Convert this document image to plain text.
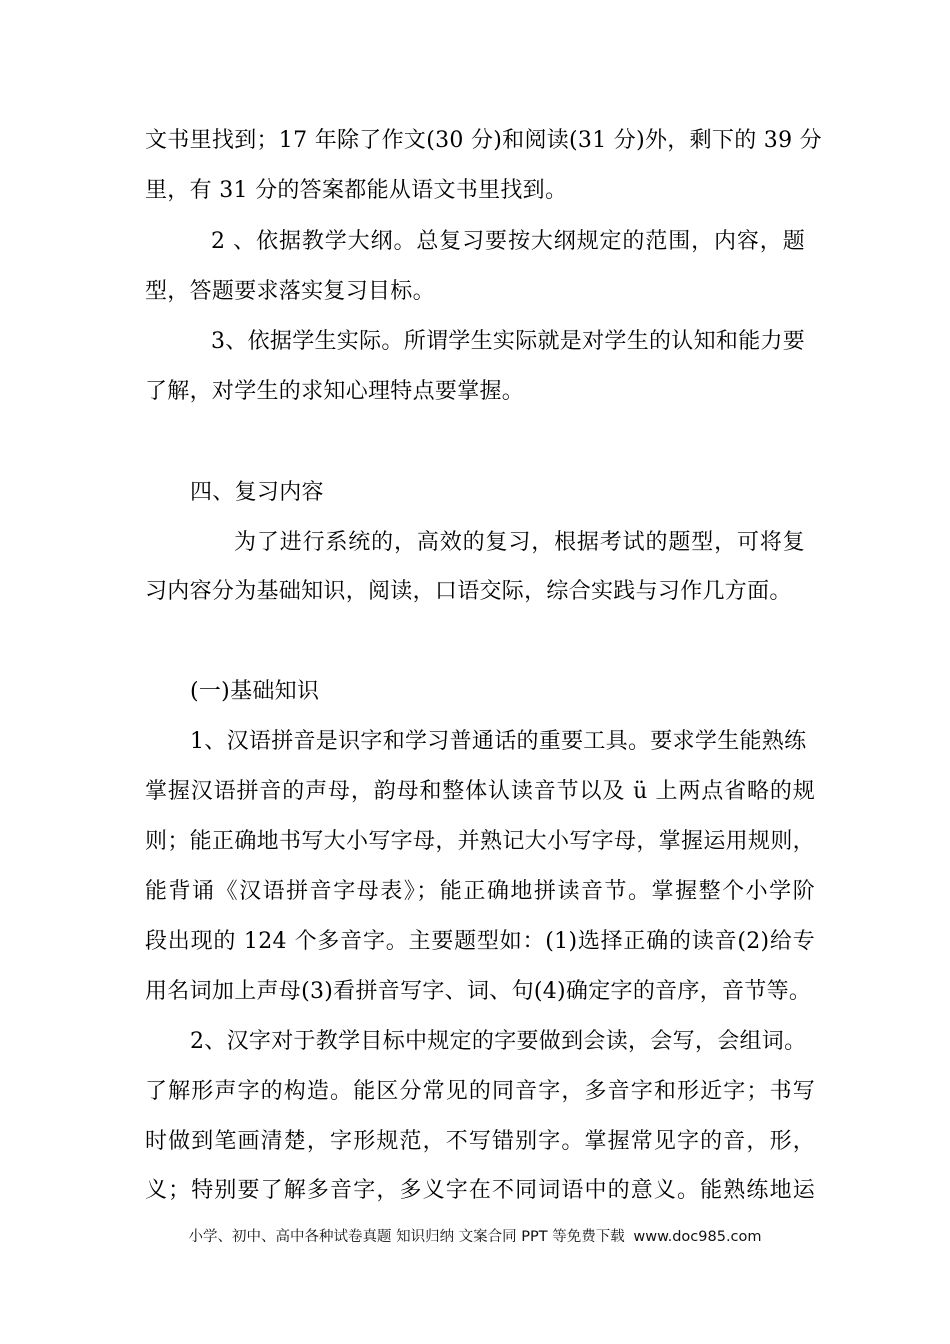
文书里找到；17 年除了作文(30 分)和阅读(31 分)外，剩下的 39 分
里，有 31 分的答案都能从语文书里找到。
2 、依据教学大纲。总复习要按大纲规定的范围，内容，题
型，答题要求落实复习目标。
3、依据学生实际。所谓学生实际就是对学生的认知和能力要
了解，对学生的求知心理特点要掌握。
四、复习内容
为了进行系统的，高效的复习，根据考试的题型，可将复
习内容分为基础知识，阅读，口语交际，综合实践与习作几方面。
(一)基础知识
1、汉语拼音是识字和学习普通话的重要工具。要求学生能熟练
掌握汉语拼音的声母，韵母和整体认读音节以及 ü 上两点省略的规
则；能正确地书写大小写字母，并熟记大小写字母，掌握运用规则，
能背诵《汉语拼音字母表》；能正确地拼读音节。掌握整个小学阶
段出现的 124 个多音字。主要题型如：(1)选择正确的读音(2)给专
用名词加上声母(3)看拼音写字、词、句(4)确定字的音序，音节等。
2、汉字对于教学目标中规定的字要做到会读，会写，会组词。
了解形声字的构造。能区分常见的同音字，多音字和形近字；书写
时做到笔画清楚，字形规范，不写错别字。掌握常见字的音，形，
义；特别要了解多音字，多义字在不同词语中的意义。能熟练地运
小学、初中、高中各种试卷真题 知识归纳 文案合同 PPT 等免费下载 www.doc985.com
